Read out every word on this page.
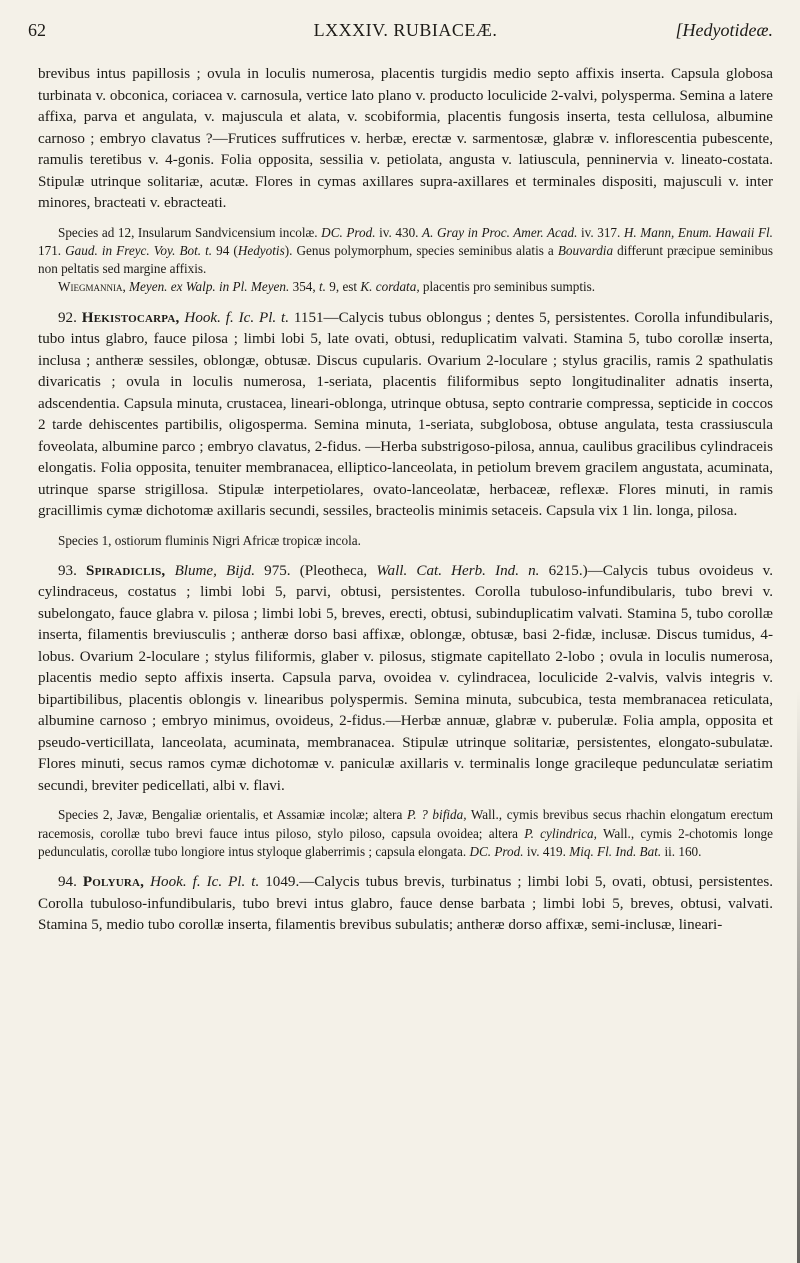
62	LXXXIV. RUBIACEÆ.	[Hedyotideæ.

brevibus intus papillosis ; ovula in loculis numerosa, placentis turgidis medio septo affixis inserta. Capsula globosa turbinata v. obconica, coriacea v. carnosula, vertice lato plano v. producto loculicide 2-valvi, polysperma. Semina a latere affixa, parva et angulata, v. majuscula et alata, v. scobiformia, placentis fungosis inserta, testa cellulosa, albumine carnoso ; embryo clavatus ?—Frutices suffrutices v. herbæ, erectæ v. sarmentosæ, glabræ v. inflorescentia pubescente, ramulis teretibus v. 4-gonis. Folia opposita, sessilia v. petiolata, angusta v. latiuscula, penninervia v. lineato-costata. Stipulæ utrinque solitariæ, acutæ. Flores in cymas axillares supra-axillares et terminales dispositi, majusculi v. inter minores, bracteati v. ebracteati.

Species ad 12, Insularum Sandvicensium incolæ. DC. Prod. iv. 430. A. Gray in Proc. Amer. Acad. iv. 317. H. Mann, Enum. Hawaii Fl. 171. Gaud. in Freyc. Voy. Bot. t. 94 (Hedyotis). Genus polymorphum, species seminibus alatis a Bouvardia differunt præcipue seminibus non peltatis sed margine affixis.

Wiegmannia, Meyen. ex Walp. in Pl. Meyen. 354, t. 9, est K. cordata, placentis pro seminibus sumptis.

92. Hekistocarpa, Hook. f. Ic. Pl. t. 1151—Calycis tubus oblongus ; dentes 5, persistentes. Corolla infundibularis, tubo intus glabro, fauce pilosa ; limbi lobi 5, late ovati, obtusi, reduplicatim valvati. Stamina 5, tubo corollæ inserta, inclusa ; antheræ sessiles, oblongæ, obtusæ. Discus cupularis. Ovarium 2-loculare ; stylus gracilis, ramis 2 spathulatis divaricatis ; ovula in loculis numerosa, 1-seriata, placentis filiformibus septo longitudinaliter adnatis inserta, adscendentia. Capsula minuta, crustacea, lineari-oblonga, utrinque obtusa, septo contrarie compressa, septicide in coccos 2 tarde dehiscentes partibilis, oligosperma. Semina minuta, 1-seriata, subglobosa, obtuse angulata, testa crassiuscula foveolata, albumine parco ; embryo clavatus, 2-fidus. —Herba substrigoso-pilosa, annua, caulibus gracilibus cylindraceis elongatis. Folia opposita, tenuiter membranacea, elliptico-lanceolata, in petiolum brevem gracilem angustata, acuminata, utrinque sparse strigillosa. Stipulæ interpetiolares, ovato-lanceolatæ, herbaceæ, reflexæ. Flores minuti, in ramis gracillimis cymæ dichotomæ axillaris secundi, sessiles, bracteolis minimis setaceis. Capsula vix 1 lin. longa, pilosa.

Species 1, ostiorum fluminis Nigri Africæ tropicæ incola.

93. Spiradiclis, Blume, Bijd. 975. (Pleotheca, Wall. Cat. Herb. Ind. n. 6215.)—Calycis tubus ovoideus v. cylindraceus, costatus ; limbi lobi 5, parvi, obtusi, persistentes. Corolla tubuloso-infundibularis, tubo brevi v. subelongato, fauce glabra v. pilosa ; limbi lobi 5, breves, erecti, obtusi, subinduplicatim valvati. Stamina 5, tubo corollæ inserta, filamentis breviusculis ; antheræ dorso basi affixæ, oblongæ, obtusæ, basi 2-fidæ, inclusæ. Discus tumidus, 4-lobus. Ovarium 2-loculare ; stylus filiformis, glaber v. pilosus, stigmate capitellato 2-lobo ; ovula in loculis numerosa, placentis medio septo affixis inserta. Capsula parva, ovoidea v. cylindracea, loculicide 2-valvis, valvis integris v. bipartibilibus, placentis oblongis v. linearibus polyspermis. Semina minuta, subcubica, testa membranacea reticulata, albumine carnoso ; embryo minimus, ovoideus, 2-fidus.—Herbæ annuæ, glabræ v. puberulæ. Folia ampla, opposita et pseudo-verticillata, lanceolata, acuminata, membranacea. Stipulæ utrinque solitariæ, persistentes, elongato-subulatæ. Flores minuti, secus ramos cymæ dichotomæ v. paniculæ axillaris v. terminalis longe gracileque pedunculatæ seriatim secundi, breviter pedicellati, albi v. flavi.

Species 2, Javæ, Bengaliæ orientalis, et Assamiæ incolæ; altera P. ? bifida, Wall., cymis brevibus secus rhachin elongatum erectum racemosis, corollæ tubo brevi fauce intus piloso, stylo piloso, capsula ovoidea; altera P. cylindrica, Wall., cymis 2-chotomis longe pedunculatis, corollæ tubo longiore intus styloque glaberrimis ; capsula elongata. DC. Prod. iv. 419. Miq. Fl. Ind. Bat. ii. 160.

94. Polyura, Hook. f. Ic. Pl. t. 1049.—Calycis tubus brevis, turbinatus ; limbi lobi 5, ovati, obtusi, persistentes. Corolla tubuloso-infundibularis, tubo brevi intus glabro, fauce dense barbata ; limbi lobi 5, breves, obtusi, valvati. Stamina 5, medio tubo corollæ inserta, filamentis brevibus subulatis; antheræ dorso affixæ, semi-inclusæ, lineari-
